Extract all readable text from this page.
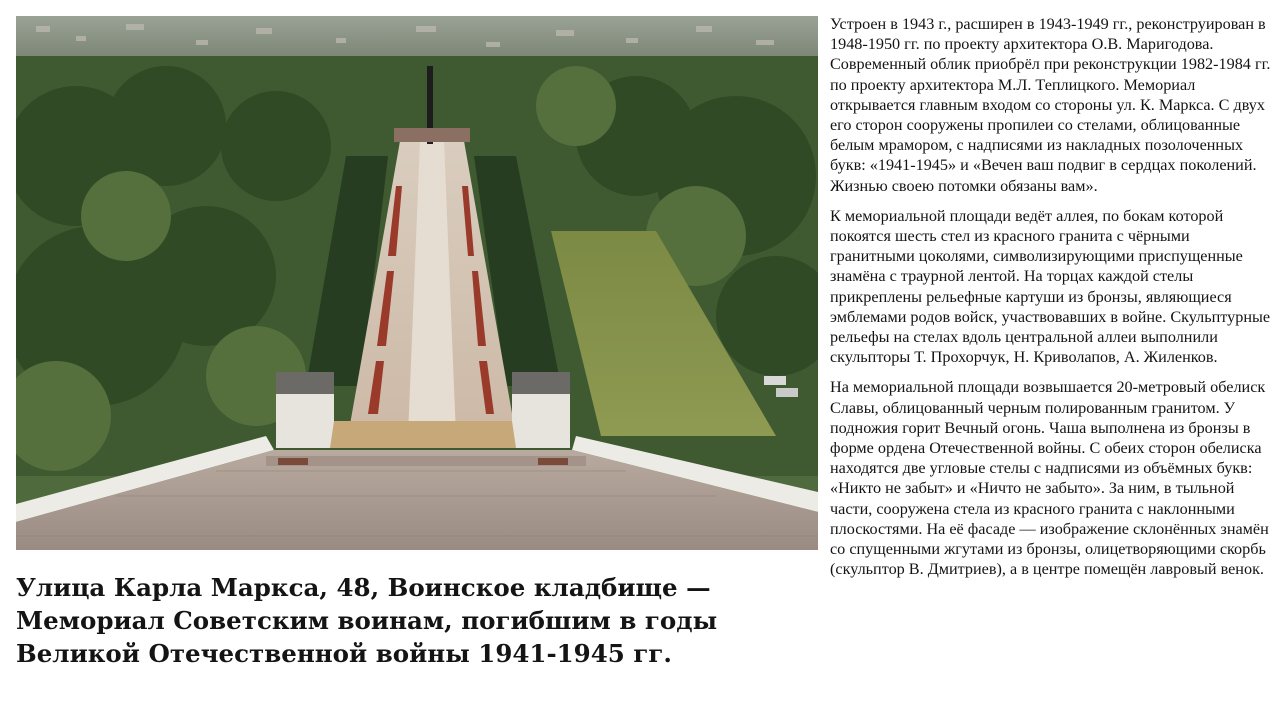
Улица Карла Маркса, 48, Воинское кладбище — Мемориал Советским воинам, погибшим в годы Великой Отечественной войны 1941-1945 гг.

Устроен в 1943 г., расширен в 1943-1949 гг., реконструирован в 1948-1950 гг. по проекту архитектора О.В. Маригодова. Современный облик приобрёл при реконструкции 1982-1984 гг. по проекту архитектора М.Л. Теплицкого. Мемориал открывается главным входом со стороны ул. К. Маркса. С двух его сторон сооружены пропилеи со стелами, облицованные белым мрамором, с надписями из накладных позолоченных букв: «1941-1945» и «Вечен ваш подвиг в сердцах поколений. Жизнью своею потомки обязаны вам».

К мемориальной площади ведёт аллея, по бокам которой покоятся шесть стел из красного гранита с чёрными гранитными цоколями, символизирующими приспущенные знамёна с траурной лентой. На торцах каждой стелы прикреплены рельефные картуши из бронзы, являющиеся эмблемами родов войск, участвовавших в войне. Скульптурные рельефы на стелах вдоль центральной аллеи выполнили скульпторы Т. Прохорчук, Н. Криволапов, А. Жиленков.

На мемориальной площади возвышается 20-метровый обелиск Славы, облицованный черным полированным гранитом. У подножия горит Вечный огонь. Чаша выполнена из бронзы в форме ордена Отечественной войны. С обеих сторон обелиска находятся две угловые стелы с надписями из объёмных букв: «Никто не забыт» и «Ничто не забыто». За ним, в тыльной части, сооружена стела из красного гранита с наклонными плоскостями. На её фасаде — изображение склонённых знамён со спущенными жгутами из бронзы, олицетворяющими скорбь (скульптор В. Дмитриев), а в центре помещён лавровый венок.
